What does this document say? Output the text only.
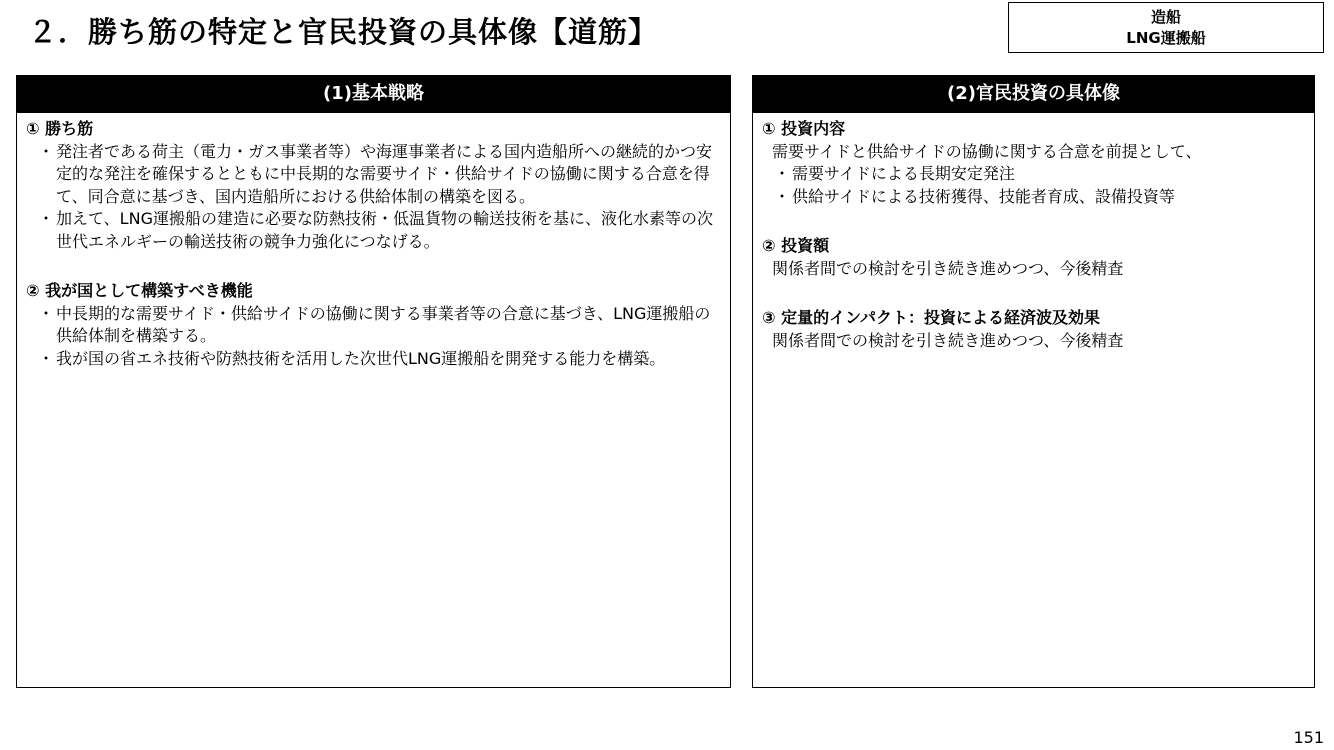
２．勝ち筋の特定と官民投資の具体像【道筋】	造船
LNG運搬船
(1)基本戦略
① 勝ち筋
・ 発注者である荷主（電力・ガス事業者等）や海運事業者による国内造船所への継続的かつ安定的な発注を確保するとともに中長期的な需要サイド・供給サイドの協働に関する合意を得て、同合意に基づき、国内造船所における供給体制の構築を図る。
・ 加えて、LNG運搬船の建造に必要な防熱技術・低温貨物の輸送技術を基に、液化水素等の次世代エネルギーの輸送技術の競争力強化につなげる。
② 我が国として構築すべき機能
・ 中長期的な需要サイド・供給サイドの協働に関する事業者等の合意に基づき、LNG運搬船の供給体制を構築する。
・ 我が国の省エネ技術や防熱技術を活用した次世代LNG運搬船を開発する能力を構築。
(2)官民投資の具体像
① 投資内容
需要サイドと供給サイドの協働に関する合意を前提として、
・ 需要サイドによる長期安定発注
・ 供給サイドによる技術獲得、技能者育成、設備投資等
② 投資額
関係者間での検討を引き続き進めつつ、今後精査
③ 定量的インパクト：投資による経済波及効果
関係者間での検討を引き続き進めつつ、今後精査
151
